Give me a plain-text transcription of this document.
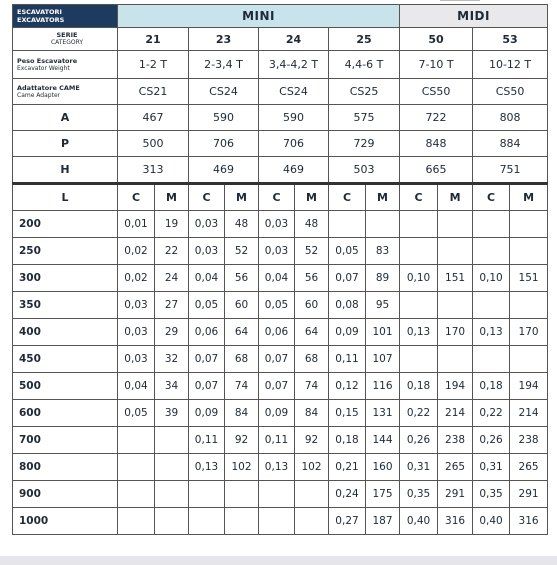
ESCAVATORI
EXCAVATORS	MINI								MIDI			

SERIE
CATEGORY	21		23		24		25		50		53	

Peso Escavatore
Excavator Weight	1-2 T		2-3,4 T		3,4-4,2 T		4,4-6 T		7-10 T		10-12 T	

Adattatore CAME
Came Adapter	CS21		CS24		CS24		CS25		CS50		CS50	
A	467		590		590		575		722		808	
P	500		706		706		729		848		884	
H	313		469		469		503		665		751	
L	C	M	C	M	C	M	C	M	C	M	C	M
200	0,01	19	0,03	48	0,03	48						
250	0,02	22	0,03	52	0,03	52	0,05	83				
300	0,02	24	0,04	56	0,04	56	0,07	89	0,10	151	0,10	151
350	0,03	27	0,05	60	0,05	60	0,08	95				
400	0,03	29	0,06	64	0,06	64	0,09	101	0,13	170	0,13	170
450	0,03	32	0,07	68	0,07	68	0,11	107				
500	0,04	34	0,07	74	0,07	74	0,12	116	0,18	194	0,18	194
600	0,05	39	0,09	84	0,09	84	0,15	131	0,22	214	0,22	214
700			0,11	92	0,11	92	0,18	144	0,26	238	0,26	238
800			0,13	102	0,13	102	0,21	160	0,31	265	0,31	265
900							0,24	175	0,35	291	0,35	291
1000							0,27	187	0,40	316	0,40	316
